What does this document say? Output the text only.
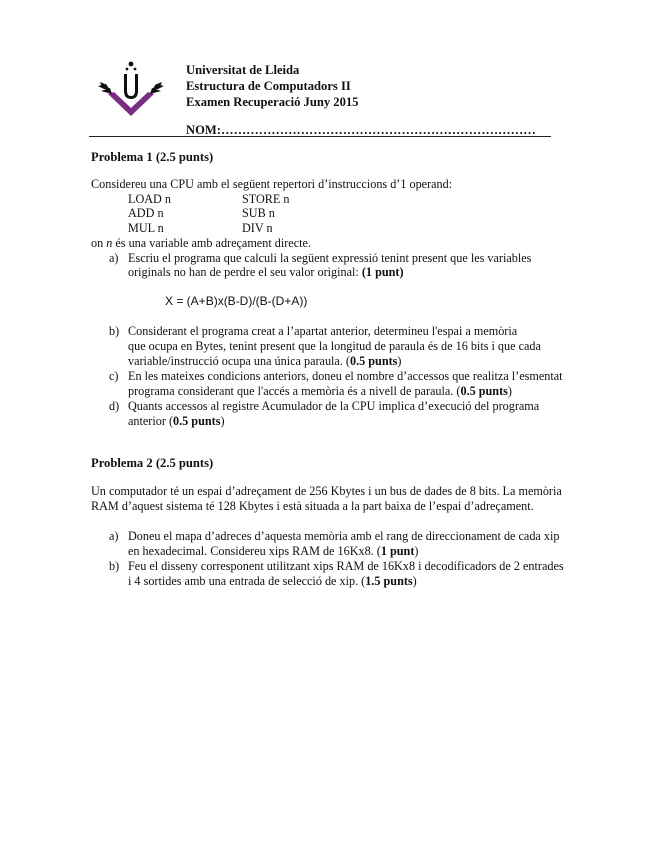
Universitat de Lleida
Estructura de Computadors II
Examen Recuperació Juny 2015
NOM:…………………………………………………………………
Problema 1 (2.5 punts)
Considereu una CPU amb el següent repertori d’instruccions d’1 operand:
LOAD n	STORE n
ADD n	SUB n
MUL n	DIV n
on n és una variable amb adreçament directe.
a) Escriu el programa que calculi la següent expressió tenint present que les variables
originals no han de perdre el seu valor original: (1 punt)
X = (A+B)x(B-D)/(B-(D+A))
b) Considerant el programa creat a l’apartat anterior, determineu l'espai a memòria
que ocupa en Bytes, tenint present que la longitud de paraula és de 16 bits i que cada
variable/instrucció ocupa una única paraula. (0.5 punts)
c) En les mateixes condicions anteriors, doneu el nombre d’accessos que realitza l’esmentat
programa considerant que l'accés a memòria és a nivell de paraula. (0.5 punts)
d) Quants accessos al registre Acumulador de la CPU implica d’execució del programa
anterior (0.5 punts)
Problema 2 (2.5 punts)
Un computador té un espai d’adreçament de 256 Kbytes i un bus de dades de 8 bits. La memòria
RAM d’aquest sistema té 128 Kbytes i està situada a la part baixa de l’espai d’adreçament.
a) Doneu el mapa d’adreces d’aquesta memòria amb el rang de direccionament de cada xip
en hexadecimal. Considereu xips RAM de 16Kx8. (1 punt)
b) Feu el disseny corresponent utilitzant xips RAM de 16Kx8 i decodificadors de 2 entrades
i 4 sortides amb una entrada de selecció de xip. (1.5 punts)
